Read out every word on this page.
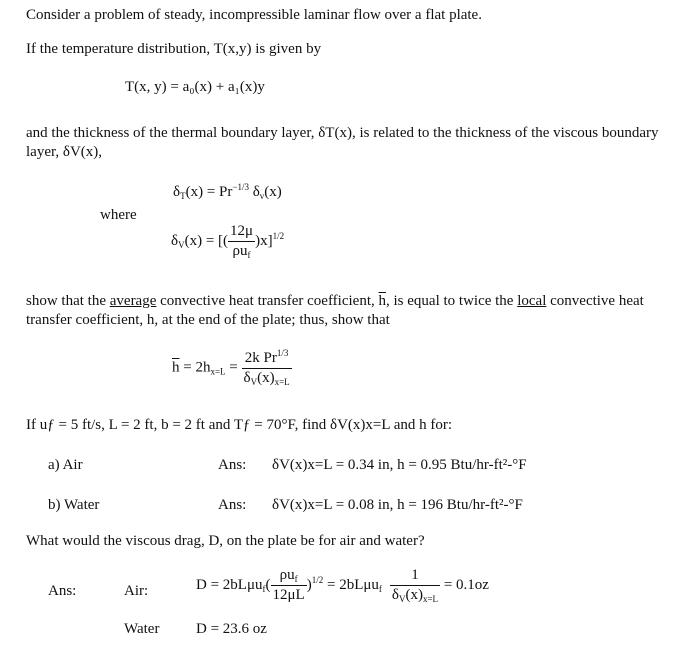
Consider a problem of steady, incompressible laminar flow over a flat plate.
If the temperature distribution, T(x,y) is given by
T(x, y) = a₀(x) + a₁(x)y
and the thickness of the thermal boundary layer, δT(x), is related to the thickness of the viscous boundary layer, δV(x),
$\delta_T(x) = Pr^{-1/3}$ $\delta_v(x)$
where
$\delta_V(x)$ = [( $\frac{12\mu}{\rho u_f} )x]^{1/2}$
show that the average convective heat transfer coefficient, $\overline{h}$, is equal to twice the local convective heat transfer coefficient, h, at the end of the plate; thus, show that
$\overline{h} = 2h_{x=L} = \frac{2k Pr^{1/3}}{\delta_V(x)_{x=L}}$
If uƒ = 5 ft/s, L = 2 ft, b = 2 ft and Tƒ = 70°F, find δV(x)x=L and h for:
a) Air	Ans: δV(x)x=L = 0.34 in, h = 0.95 Btu/hr-ft²-°F
b) Water	Ans: δV(x)x=L = 0.08 in, h = 196 Btu/hr-ft²-°F
What would the viscous drag, D, on the plate be for air and water?
Ans:	Air:	$D = 2bL\mu u_f( \frac{\rho u_f}{12\mu L} )^{1/2} = 2bL\mu u_f \frac{1}{\delta_V(x)_{x=L}} = 0.1oz$
Water D = 23.6 oz
